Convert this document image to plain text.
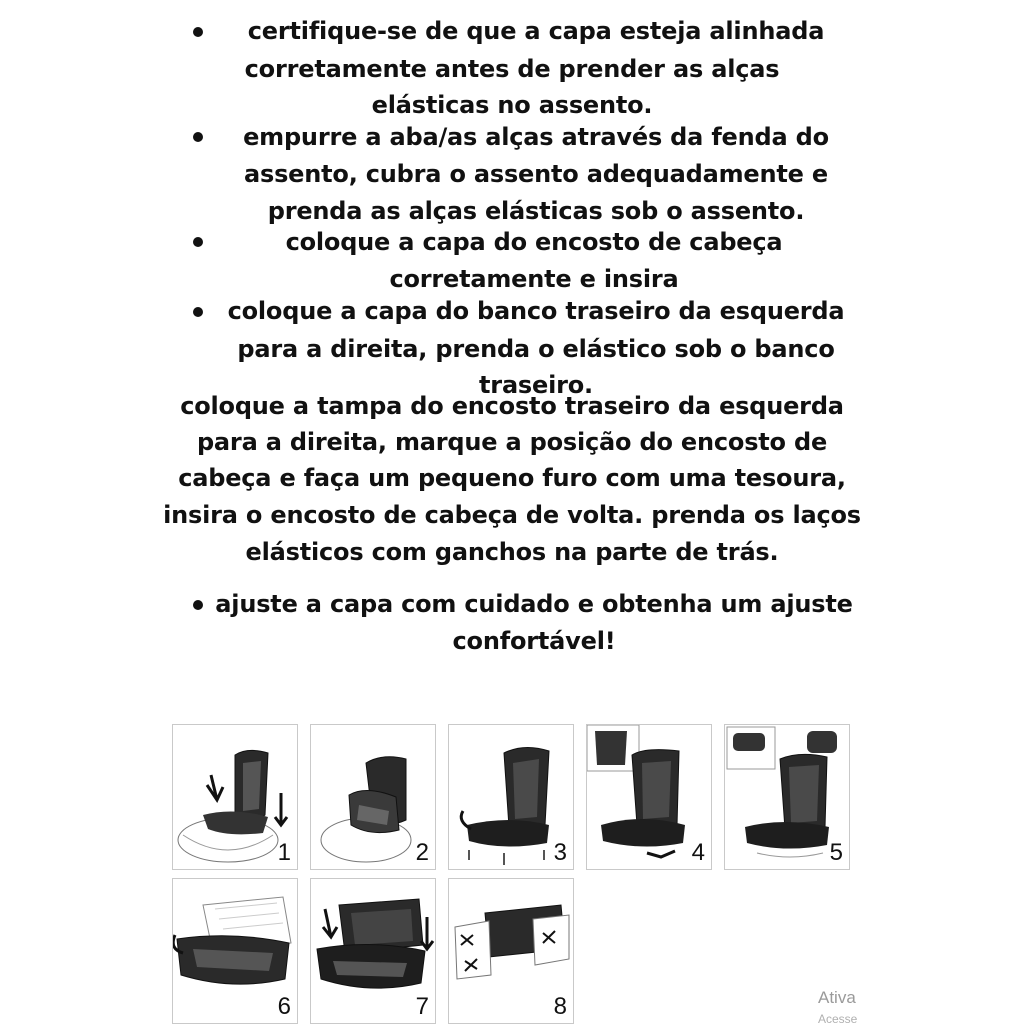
certifique-se de que a capa esteja alinhada
corretamente antes de prender as alças
elásticas no assento.
empurre a aba/as alças através da fenda do
assento, cubra o assento adequadamente e
prenda as alças elásticas sob o assento.
coloque a capa do encosto de cabeça
corretamente e insira
coloque a capa do banco traseiro da esquerda
para a direita, prenda o elástico sob o banco
traseiro.
coloque a tampa do encosto traseiro da esquerda
para a direita, marque a posição do encosto de
cabeça e faça um pequeno furo com uma tesoura,
insira o encosto de cabeça de volta. prenda os laços
elásticos com ganchos na parte de trás.
ajuste a capa com cuidado e obtenha um ajuste
confortável!
1	2	3	4	5
6	7	8	Ativa
Acesse
